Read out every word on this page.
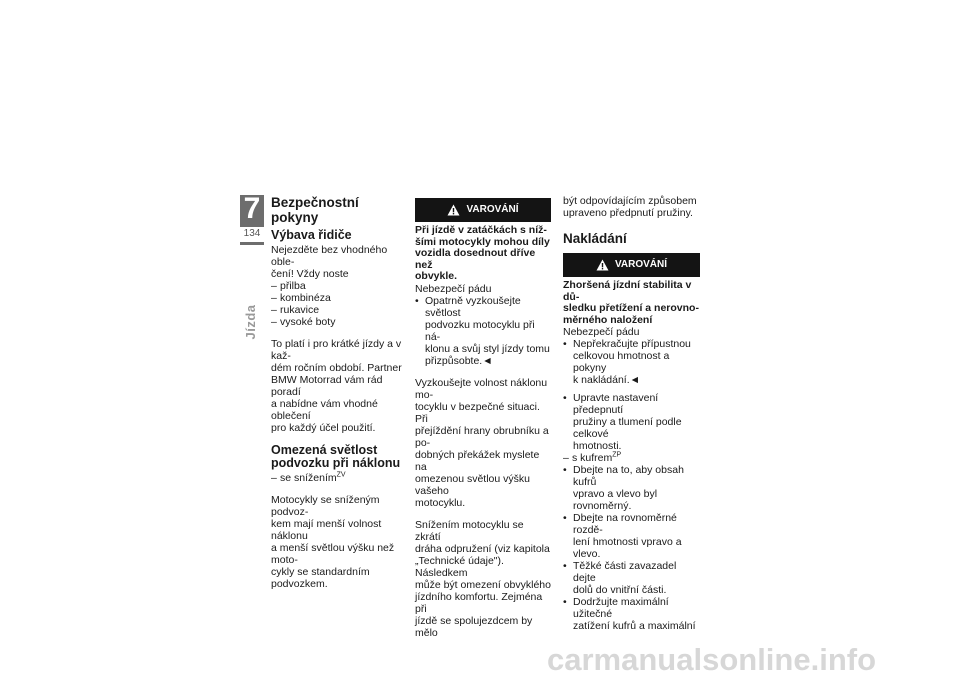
7
134
Jízda
Bezpečnostní pokyny
Výbava řidiče
Nejezděte bez vhodného oble-
čení! Vždy noste
– přilba
– kombinéza
– rukavice
– vysoké boty
To platí i pro krátké jízdy a v kaž-
dém ročním období. Partner
BMW Motorrad vám rád poradí
a nabídne vám vhodné oblečení
pro každý účel použití.
Omezená světlost
podvozku při náklonu
– se snížením$^{ZV}$
Motocykly se sníženým podvoz-
kem mají menší volnost náklonu
a menší světlou výšku než moto-
cykly se standardním podvozkem.
VAROVÁNÍ
Při jízdě v zatáčkách s níž-
šími motocykly mohou díly
vozidla dosednout dříve než
obvykle.
Nebezpečí pádu
• Opatrně vyzkoušejte světlost
podvozku motocyklu při ná-
klonu a svůj styl jízdy tomu
přizpůsobte.◄
Vyzkoušejte volnost náklonu mo-
tocyklu v bezpečné situaci. Při
přejíždění hrany obrubníku a po-
dobných překážek myslete na
omezenou světlou výšku vašeho
motocyklu.
Snížením motocyklu se zkrátí
dráha odpružení (viz kapitola
„Technické údaje"). Následkem
může být omezení obvyklého
jízdního komfortu. Zejména při
jízdě se spolujezdcem by mělo
být odpovídajícím způsobem
upraveno předpnutí pružiny.
Nakládání
VAROVÁNÍ
Zhoršená jízdní stabilita v dů-
sledku přetížení a nerovno-
měrného naložení
Nebezpečí pádu
• Nepřekračujte přípustnou
celkovou hmotnost a pokyny
k nakládání.◄
• Upravte nastavení předepnutí
pružiny a tlumení podle celkové
hmotnosti.
– s kufrem$^{ZP}$
• Dbejte na to, aby obsah kufrů
vpravo a vlevo byl rovnoměrný.
• Dbejte na rovnoměrné rozdě-
lení hmotnosti vpravo a vlevo.
• Těžké části zavazadel dejte
dolů do vnitřní části.
• Dodržujte maximální užitečné
zatížení kufrů a maximální
carmanualsonline.info
